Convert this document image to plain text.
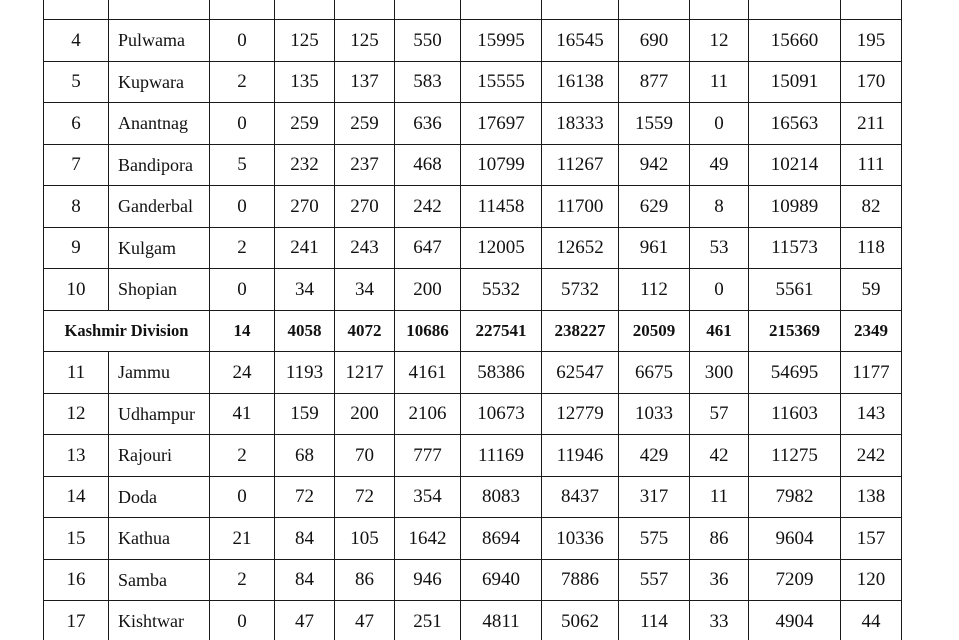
4	Pulwama	0	125	125	550	15995	16545	690	12	15660	195
5	Kupwara	2	135	137	583	15555	16138	877	11	15091	170
6	Anantnag	0	259	259	636	17697	18333	1559	0	16563	211
7	Bandipora	5	232	237	468	10799	11267	942	49	10214	111
8	Ganderbal	0	270	270	242	11458	11700	629	8	10989	82
9	Kulgam	2	241	243	647	12005	12652	961	53	11573	118
10	Shopian	0	34	34	200	5532	5732	112	0	5561	59
Kashmir Division		14	4058	4072	10686	227541	238227	20509	461	215369	2349
11	Jammu	24	1193	1217	4161	58386	62547	6675	300	54695	1177
12	Udhampur	41	159	200	2106	10673	12779	1033	57	11603	143
13	Rajouri	2	68	70	777	11169	11946	429	42	11275	242
14	Doda	0	72	72	354	8083	8437	317	11	7982	138
15	Kathua	21	84	105	1642	8694	10336	575	86	9604	157
16	Samba	2	84	86	946	6940	7886	557	36	7209	120
17	Kishtwar	0	47	47	251	4811	5062	114	33	4904	44
